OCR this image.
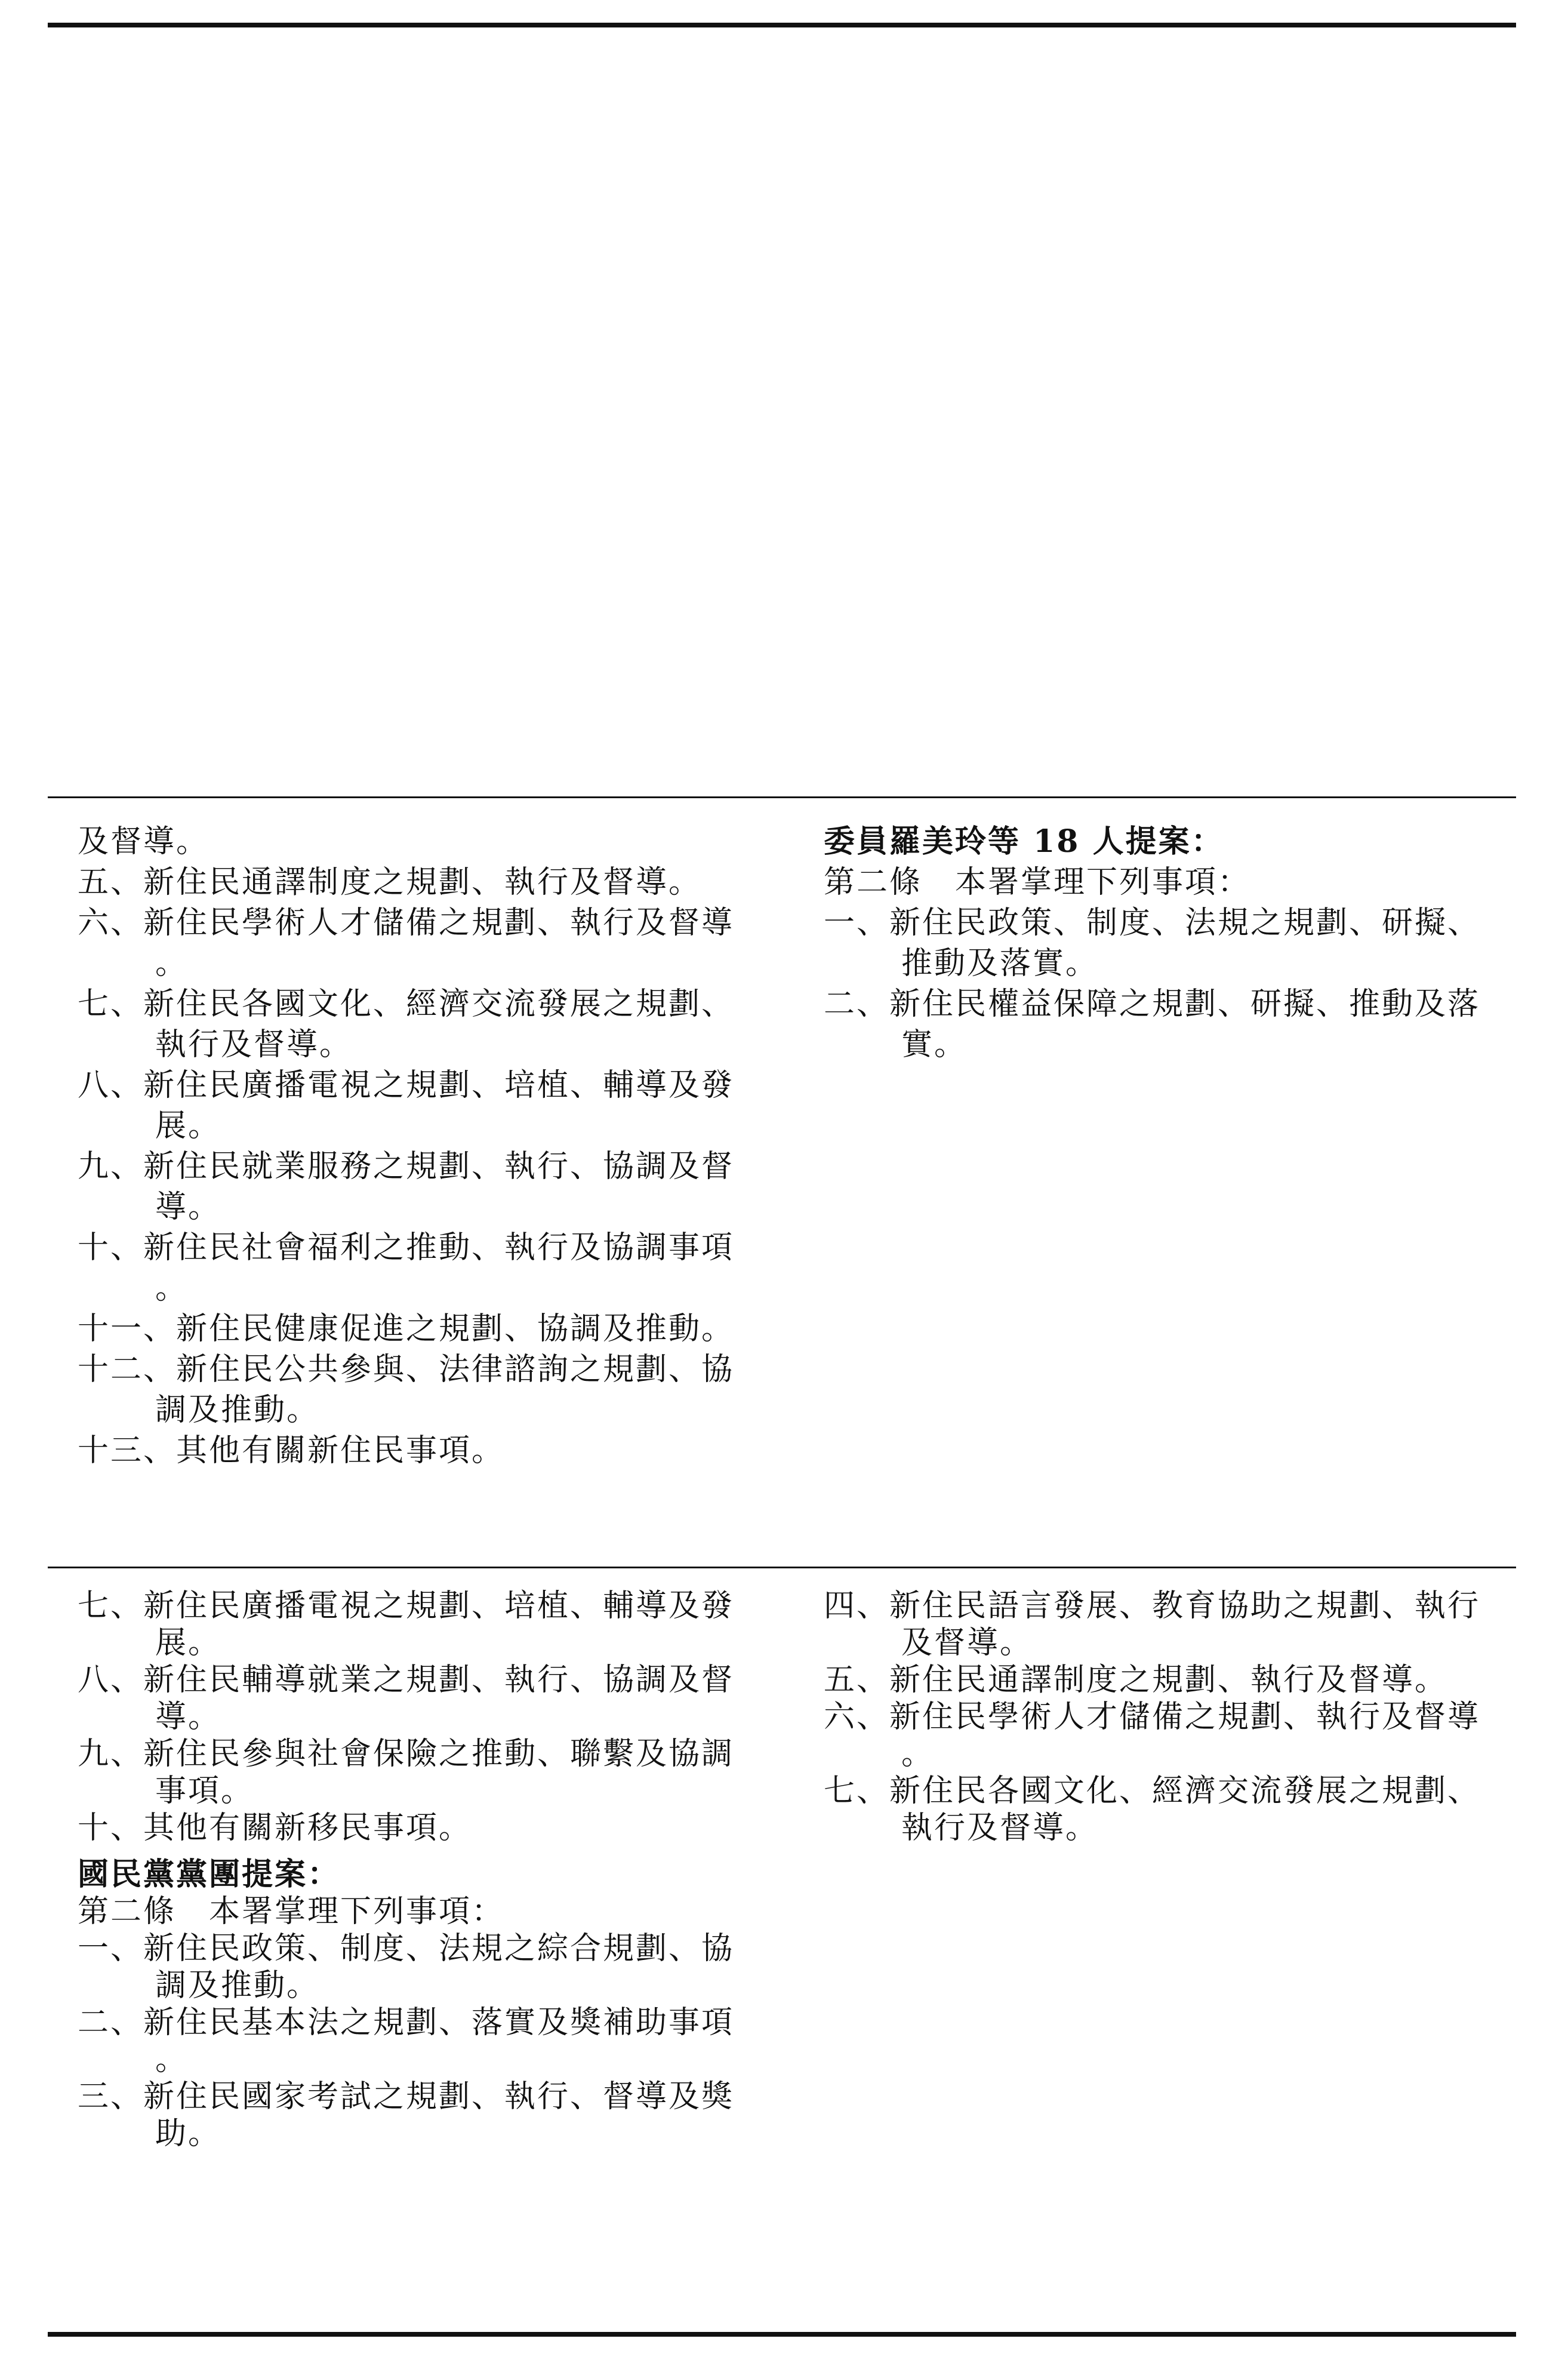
及督導。
五、新住民通譯制度之規劃、執行及督導。
六、新住民學術人才儲備之規劃、執行及督導
。
七、新住民各國文化、經濟交流發展之規劃、
執行及督導。
八、新住民廣播電視之規劃、培植、輔導及發
展。
九、新住民就業服務之規劃、執行、協調及督
導。
十、新住民社會福利之推動、執行及協調事項
。
十一、新住民健康促進之規劃、協調及推動。
十二、新住民公共參與、法律諮詢之規劃、協
調及推動。
十三、其他有關新住民事項。
委員羅美玲等 18 人提案：
第二條　本署掌理下列事項：
一、新住民政策、制度、法規之規劃、研擬、
推動及落實。
二、新住民權益保障之規劃、研擬、推動及落
實。
七、新住民廣播電視之規劃、培植、輔導及發
展。
八、新住民輔導就業之規劃、執行、協調及督
導。
九、新住民參與社會保險之推動、聯繫及協調
事項。
十、其他有關新移民事項。
國民黨黨團提案：
第二條　本署掌理下列事項：
一、新住民政策、制度、法規之綜合規劃、協
調及推動。
二、新住民基本法之規劃、落實及獎補助事項
。
三、新住民國家考試之規劃、執行、督導及獎
助。
四、新住民語言發展、教育協助之規劃、執行
及督導。
五、新住民通譯制度之規劃、執行及督導。
六、新住民學術人才儲備之規劃、執行及督導
。
七、新住民各國文化、經濟交流發展之規劃、
執行及督導。
